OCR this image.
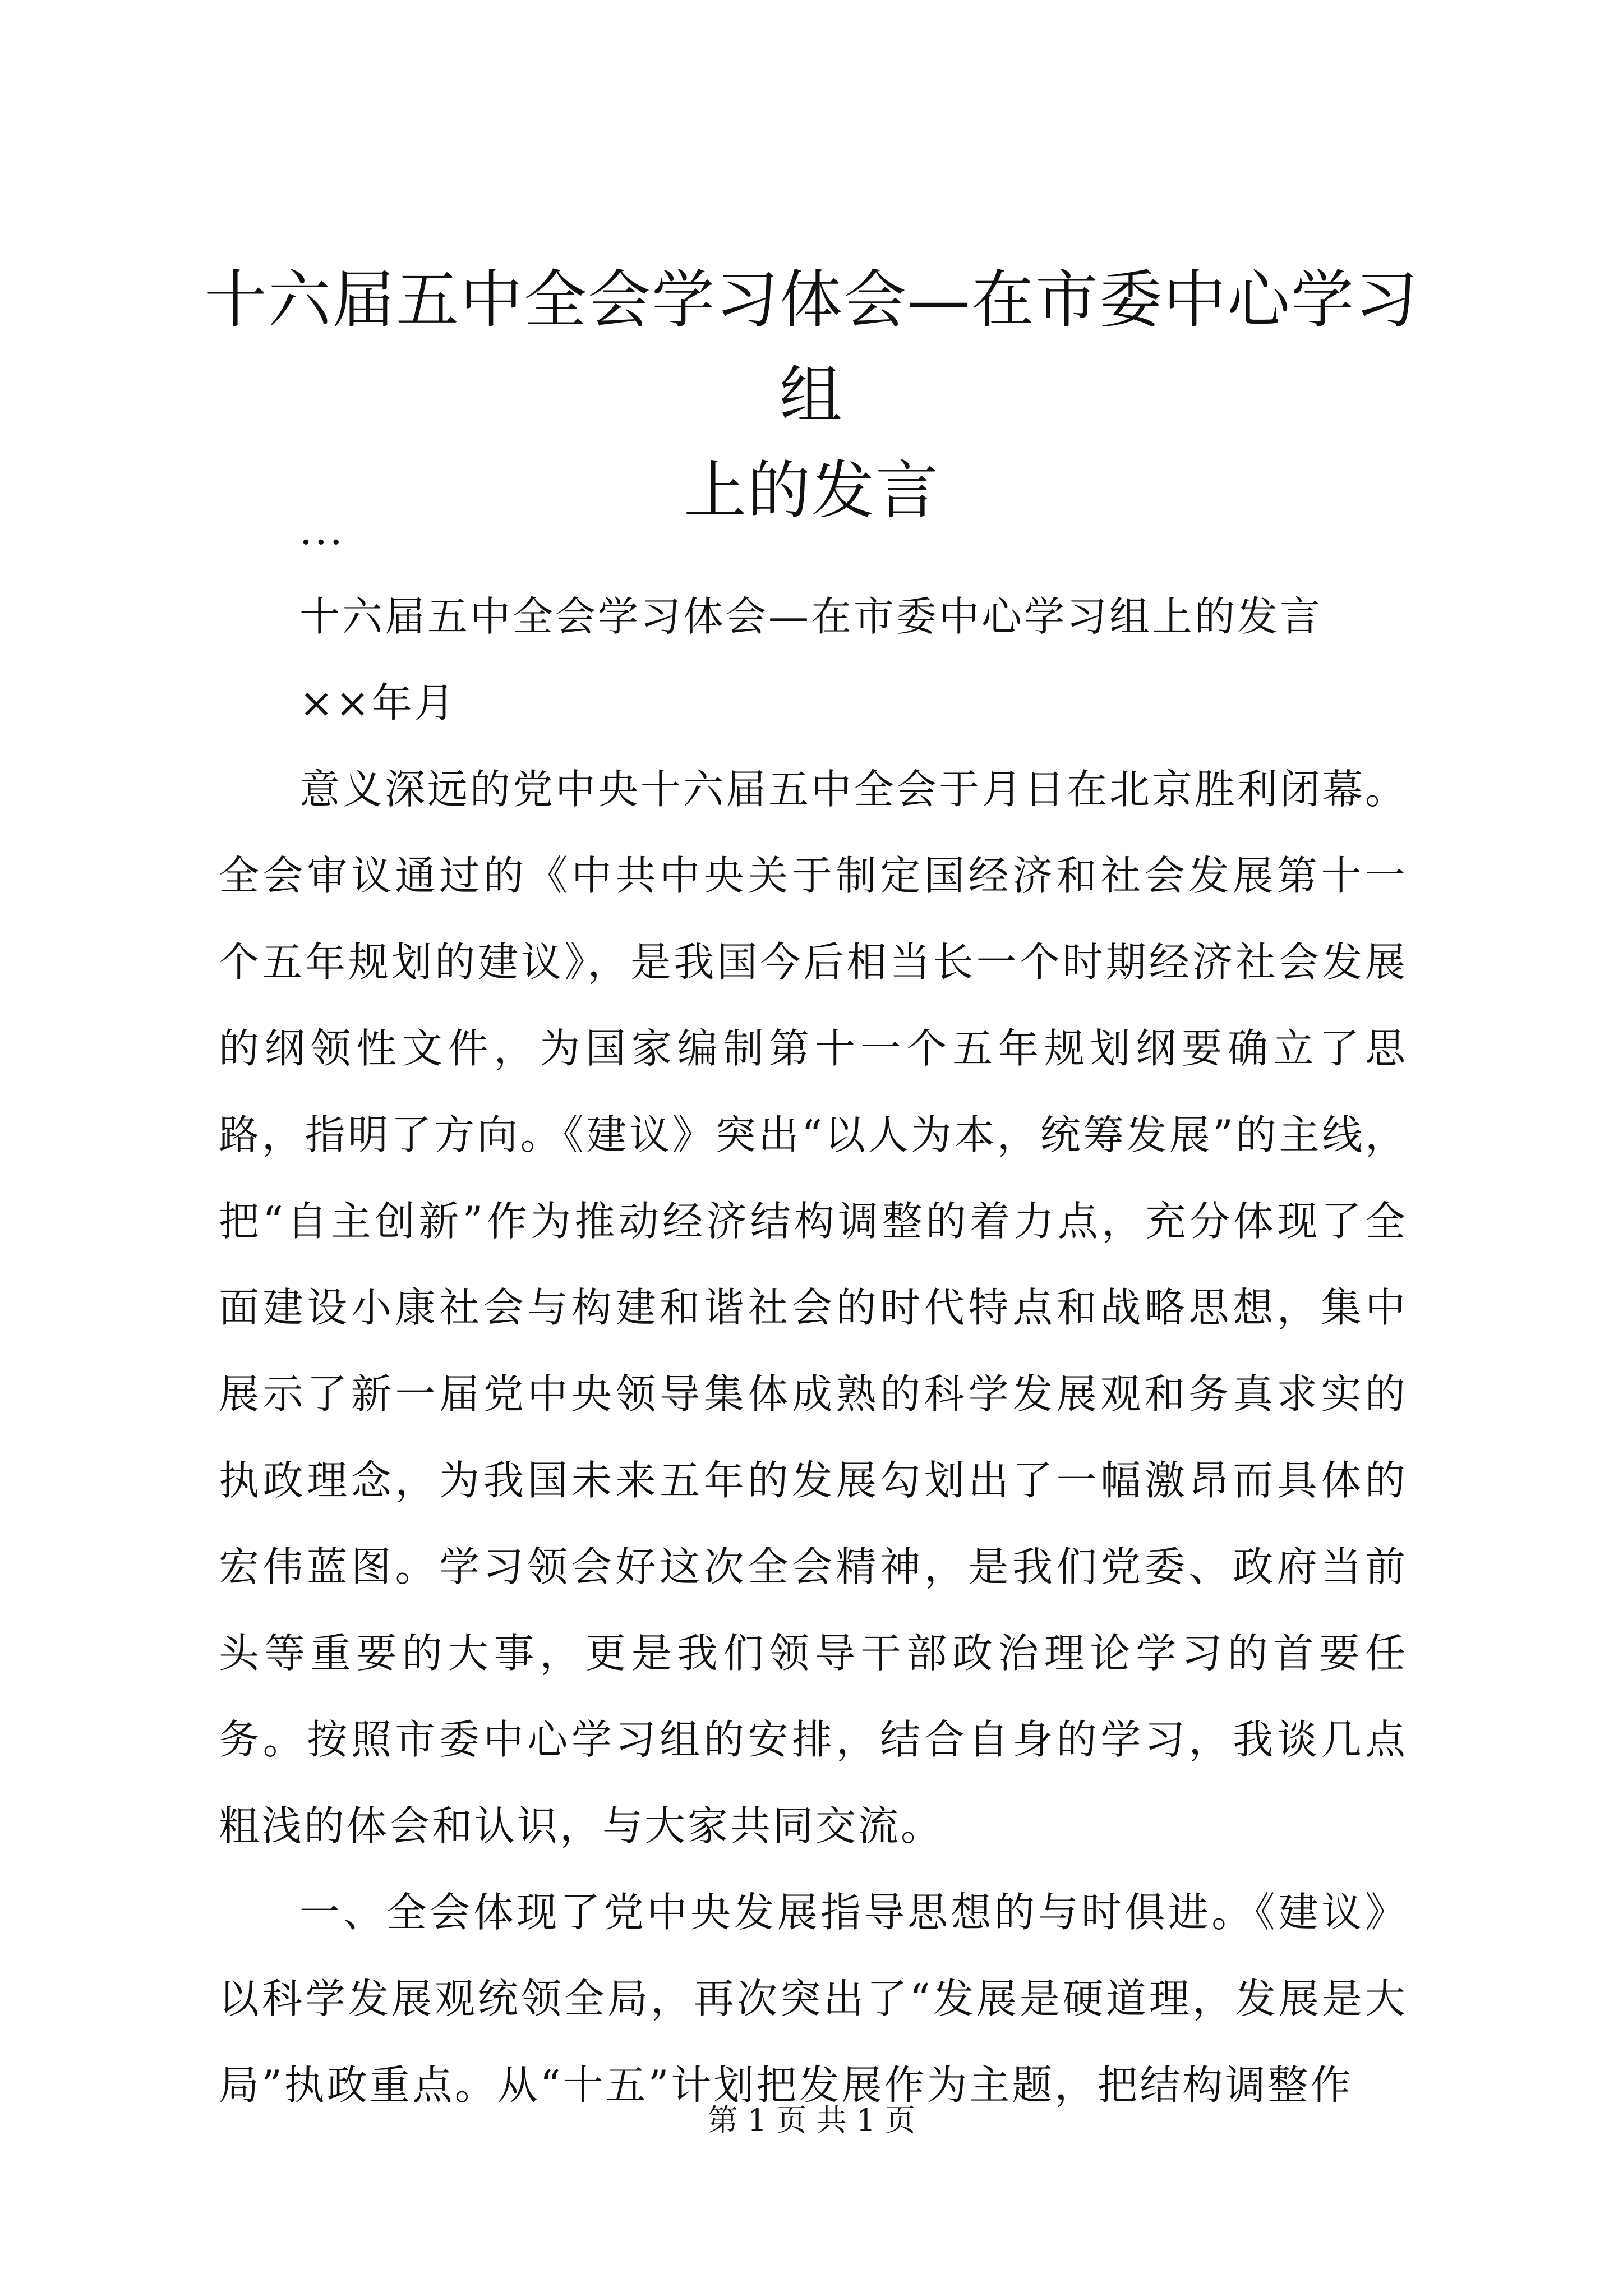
十六届五中全会学习体会—在市委中心学习组
上的发言

...

十六届五中全会学习体会—在市委中心学习组上的发言

××年月

意义深远的党中央十六届五中全会于月日在北京胜利闭幕。全会审议通过的《中共中央关于制定国经济和社会发展第十一个五年规划的建议》，是我国今后相当长一个时期经济社会发展的纲领性文件，为国家编制第十一个五年规划纲要确立了思路，指明了方向。《建议》突出“以人为本，统筹发展”的主线，把“自主创新”作为推动经济结构调整的着力点，充分体现了全面建设小康社会与构建和谐社会的时代特点和战略思想，集中展示了新一届党中央领导集体成熟的科学发展观和务真求实的执政理念，为我国未来五年的发展勾划出了一幅激昂而具体的宏伟蓝图。学习领会好这次全会精神，是我们党委、政府当前头等重要的大事，更是我们领导干部政治理论学习的首要任务。按照市委中心学习组的安排，结合自身的学习，我谈几点粗浅的体会和认识，与大家共同交流。

一、全会体现了党中央发展指导思想的与时俱进。《建议》以科学发展观统领全局，再次突出了“发展是硬道理，发展是大局”执政重点。从“十五”计划把发展作为主题，把结构调整作

第 1 页 共 1 页
